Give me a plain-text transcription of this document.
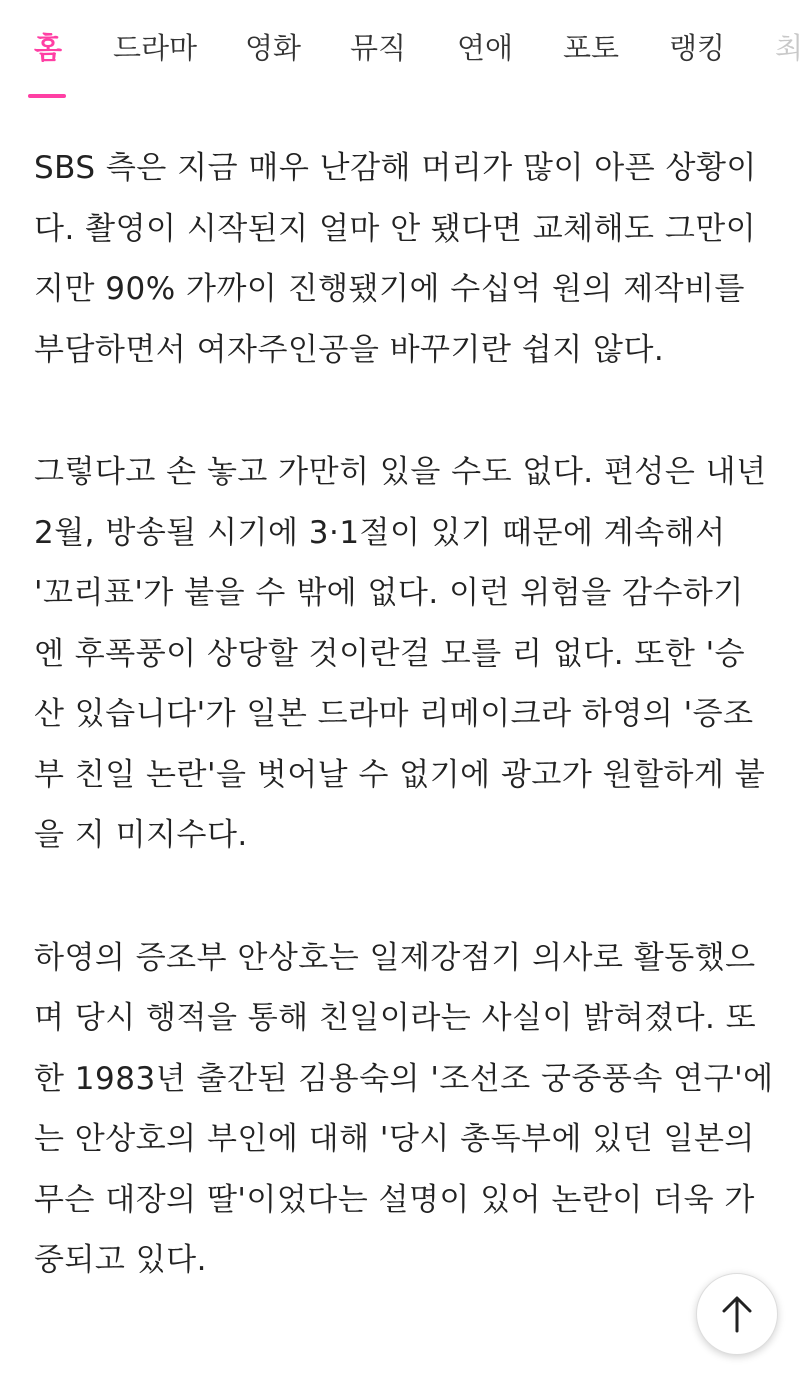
홈 드라마 영화 뮤직 연애 포토 랭킹 최

SBS 측은 지금 매우 난감해 머리가 많이 아픈 상황이다. 촬영이 시작된지 얼마 안 됐다면 교체해도 그만이지만 90% 가까이 진행됐기에 수십억 원의 제작비를 부담하면서 여자주인공을 바꾸기란 쉽지 않다.

그렇다고 손 놓고 가만히 있을 수도 없다. 편성은 내년 2월, 방송될 시기에 3·1절이 있기 때문에 계속해서 '꼬리표'가 붙을 수 밖에 없다. 이런 위험을 감수하기엔 후폭풍이 상당할 것이란걸 모를 리 없다. 또한 '승산 있습니다'가 일본 드라마 리메이크라 하영의 '증조부 친일 논란'을 벗어날 수 없기에 광고가 원할하게 붙을 지 미지수다.

하영의 증조부 안상호는 일제강점기 의사로 활동했으며 당시 행적을 통해 친일이라는 사실이 밝혀졌다. 또한 1983년 출간된 김용숙의 '조선조 궁중풍속 연구'에는 안상호의 부인에 대해 '당시 총독부에 있던 일본의 무슨 대장의 딸'이었다는 설명이 있어 논란이 더욱 가중되고 있다.
